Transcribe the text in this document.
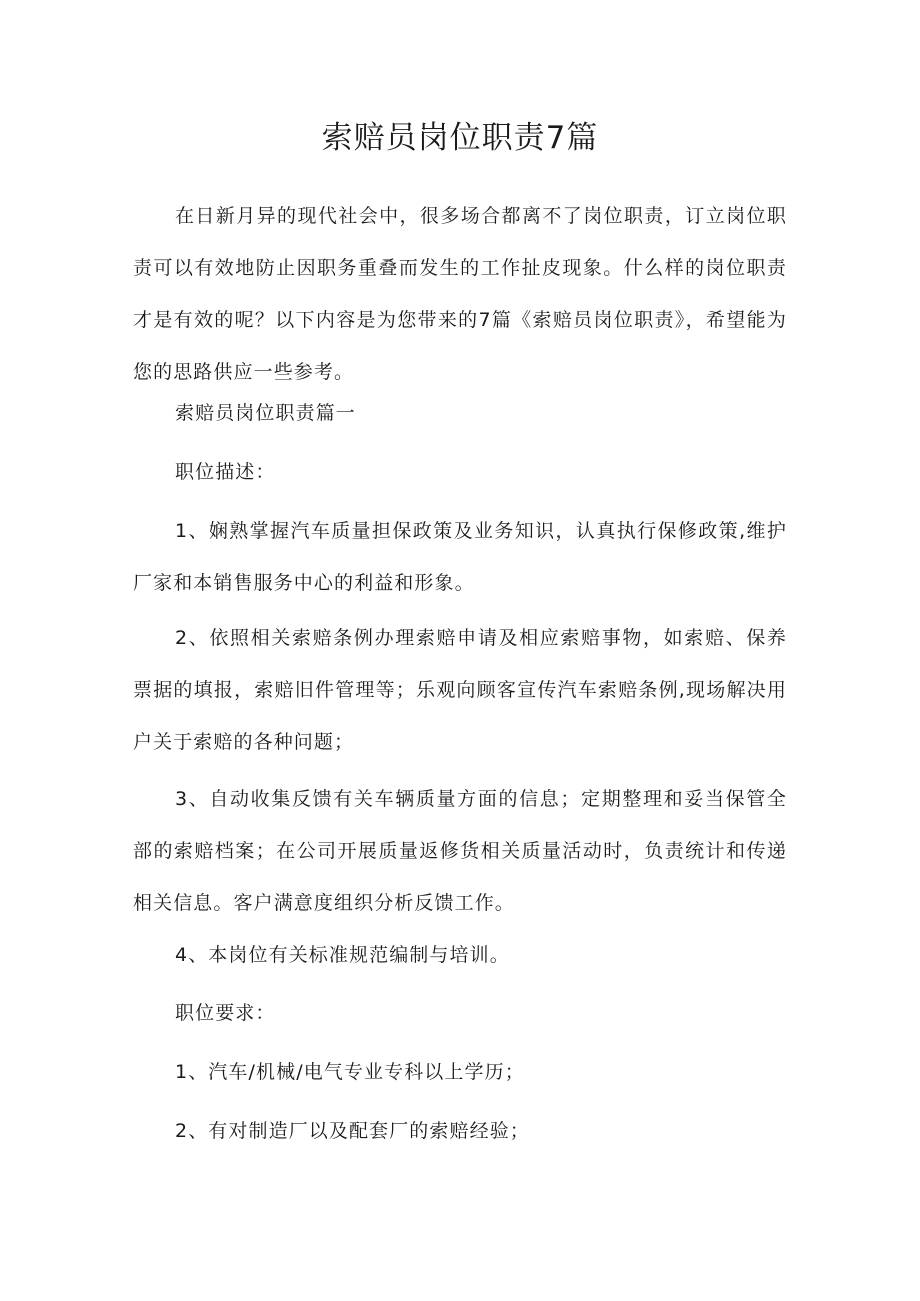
索赔员岗位职责7篇

在日新月异的现代社会中，很多场合都离不了岗位职责，订立岗位职责可以有效地防止因职务重叠而发生的工作扯皮现象。什么样的岗位职责才是有效的呢？以下内容是为您带来的7篇《索赔员岗位职责》，希望能为您的思路供应一些参考。

索赔员岗位职责篇一

职位描述：

1、娴熟掌握汽车质量担保政策及业务知识，认真执行保修政策,维护厂家和本销售服务中心的利益和形象。

2、依照相关索赔条例办理索赔申请及相应索赔事物，如索赔、保养票据的填报，索赔旧件管理等；乐观向顾客宣传汽车索赔条例,现场解决用户关于索赔的各种问题；

3、自动收集反馈有关车辆质量方面的信息；定期整理和妥当保管全部的索赔档案；在公司开展质量返修货相关质量活动时，负责统计和传递相关信息。客户满意度组织分析反馈工作。

4、本岗位有关标准规范编制与培训。

职位要求：

1、汽车/机械/电气专业专科以上学历；

2、有对制造厂以及配套厂的索赔经验；
